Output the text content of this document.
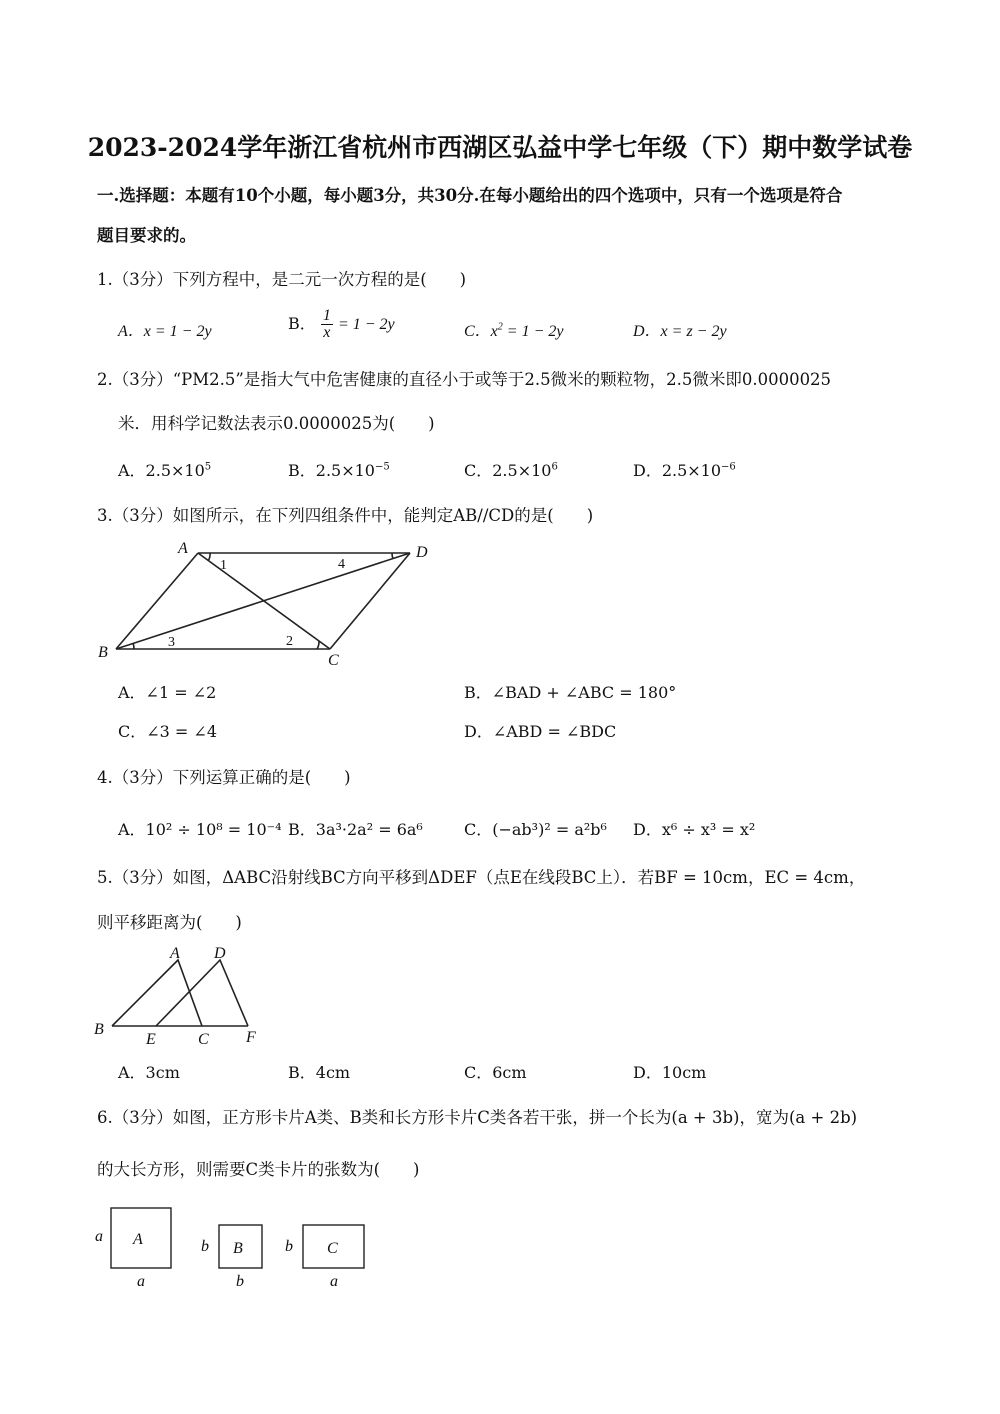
2023-2024学年浙江省杭州市西湖区弘益中学七年级（下）期中数学试卷
一.选择题：本题有10个小题，每小题3分，共30分.在每小题给出的四个选项中，只有一个选项是符合
题目要求的。
1.（3分）下列方程中，是二元一次方程的是(　　)
A．x = 1 − 2y	B． $\frac{1}{x} = 1 - 2y$	C．$x^2 = 1 - 2y$	D．x = z − 2y
2.（3分）“PM2.5”是指大气中危害健康的直径小于或等于2.5微米的颗粒物，2.5微米即0.0000025
米．用科学记数法表示0.0000025为(　　)
A．$2.5\times 10^5$	B．$2.5\times 10^{-5}$	C．$2.5\times 10^6$	D．$2.5\times 10^{-6}$
3.（3分）如图所示，在下列四组条件中，能判定AB//CD的是(　　)
A	D
B	C
1	4
3	2
A．∠1 = ∠2	B．∠BAD + ∠ABC = 180°
C．∠3 = ∠4	D．∠ABD = ∠BDC
4.（3分）下列运算正确的是(　　)
A．10² ÷ 10⁸ = 10⁻⁴ B．3a³·2a² = 6a⁶	C．(−ab³)² = a²b⁶ D．x⁶ ÷ x³ = x²
5.（3分）如图，ΔABC沿射线BC方向平移到ΔDEF（点E在线段BC上）．若BF = 10cm，EC = 4cm，
则平移距离为(　　)
A D
B
E	C F
A．3cm	B．4cm	C．6cm	D．10cm
6.（3分）如图，正方形卡片A类、B类和长方形卡片C类各若干张，拼一个长为(a + 3b)，宽为(a + 2b)
的大长方形，则需要C类卡片的张数为(　　)
A
B	C
a
a
b
b
b
a
